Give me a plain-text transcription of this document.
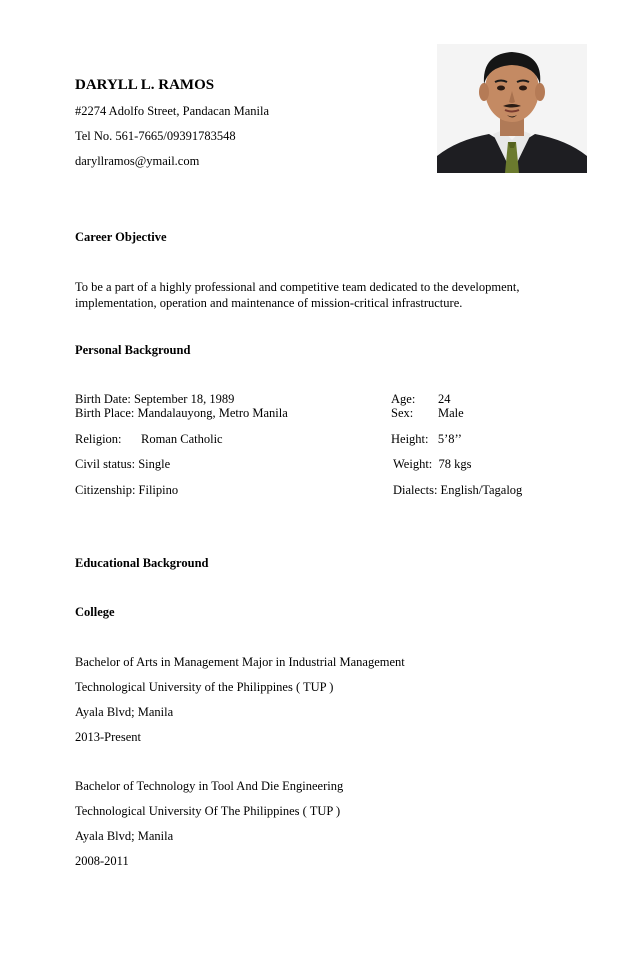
DARYLL L. RAMOS
#2274 Adolfo Street, Pandacan Manila
Tel No. 561-7665/09391783548
daryllramos@ymail.com
Career Objective
To be a part of a highly professional and competitive team dedicated to the development, implementation, operation and maintenance of mission-critical infrastructure.
Personal Background
Birth Date: September 18, 1989
Birth Place: Mandalauyong, Metro Manila
Religion: Roman Catholic
Civil status: Single
Citizenship: Filipino
Age: 24
Sex: Male
Height:   5’8’’
Weight:  78 kgs
Dialects: English/Tagalog
Educational Background
College
Bachelor of Arts in Management Major in Industrial Management
Technological University of the Philippines ( TUP )
Ayala Blvd; Manila
2013-Present
Bachelor of Technology in Tool And Die Engineering
Technological University Of The Philippines ( TUP )
Ayala Blvd; Manila
2008-2011
